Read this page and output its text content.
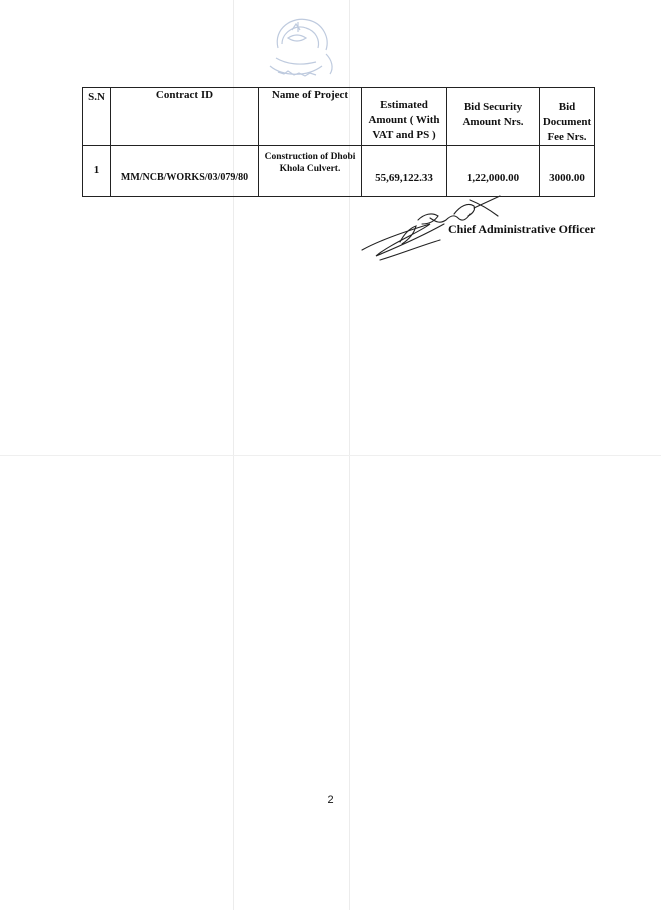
S.N	Contract ID	Name of Project	Estimated Amount ( With VAT and PS )	Bid Security Amount Nrs.	Bid Document Fee Nrs.
1	MM/NCB/WORKS/03/079/80	Construction of Dhobi Khola Culvert.	55,69,122.33	1,22,000.00	3000.00
Chief Administrative Officer
2
